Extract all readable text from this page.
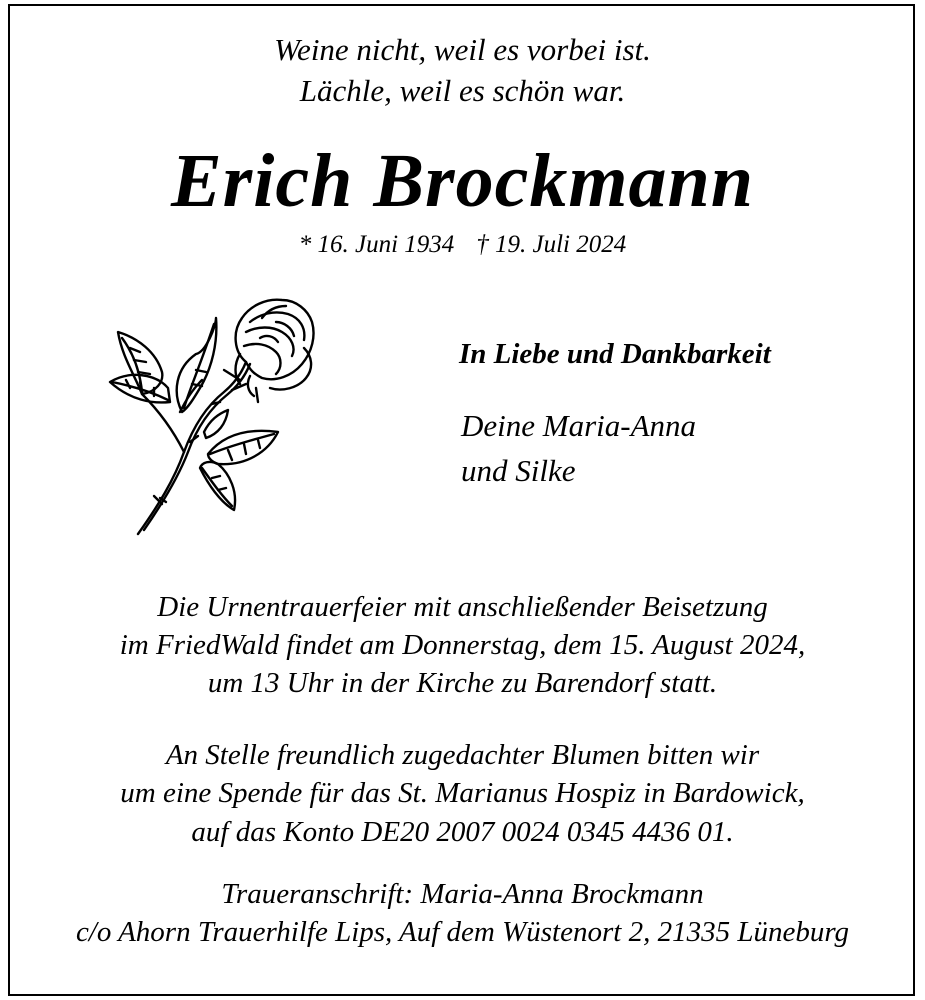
Weine nicht, weil es vorbei ist.
Lächle, weil es schön war.
Erich Brockmann
* 16. Juni 1934 † 19. Juli 2024
In Liebe und Dankbarkeit
Deine Maria-Anna
und Silke
Die Urnentrauerfeier mit anschließender Beisetzung
im FriedWald findet am Donnerstag, dem 15. August 2024,
um 13 Uhr in der Kirche zu Barendorf statt.
An Stelle freundlich zugedachter Blumen bitten wir
um eine Spende für das St. Marianus Hospiz in Bardowick,
auf das Konto DE20 2007 0024 0345 4436 01.
Traueranschrift: Maria-Anna Brockmann
c/o Ahorn Trauerhilfe Lips, Auf dem Wüstenort 2, 21335 Lüneburg
